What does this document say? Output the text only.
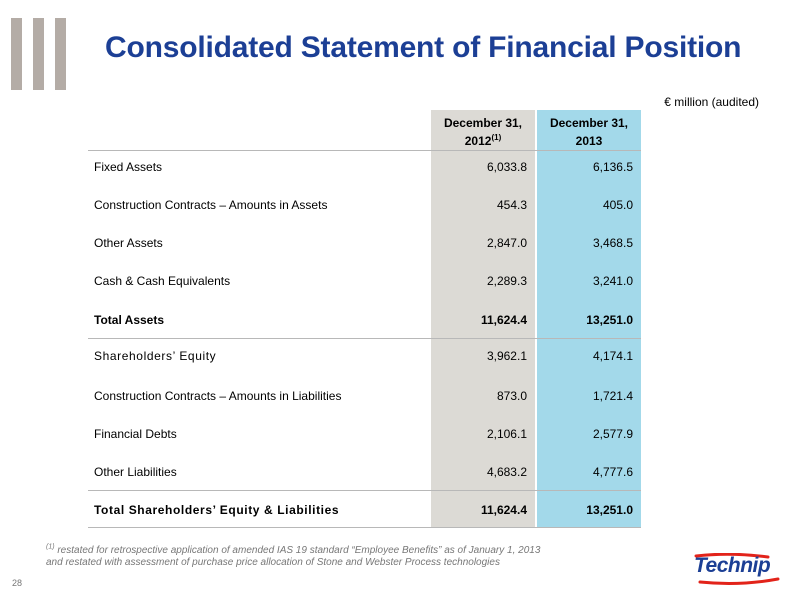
Consolidated Statement of Financial Position
€ million (audited)
December 31,
2012$^{(1)}$
December 31,
2013
Fixed Assets	6,033.8	6,136.5
Construction Contracts – Amounts in Assets	454.3	405.0
Other Assets	2,847.0	3,468.5
Cash & Cash Equivalents	2,289.3	3,241.0
Total Assets	11,624.4	13,251.0
Shareholders’ Equity	3,962.1	4,174.1
Construction Contracts – Amounts in Liabilities	873.0	1,721.4
Financial Debts	2,106.1	2,577.9
Other Liabilities	4,683.2	4,777.6
Total Shareholders’ Equity & Liabilities	11,624.4	13,251.0
$^{(1)}$ restated for retrospective application of amended IAS 19 standard “Employee Benefits” as of January 1, 2013
and restated with assessment of purchase price allocation of Stone and Webster Process technologies
28
Technip
